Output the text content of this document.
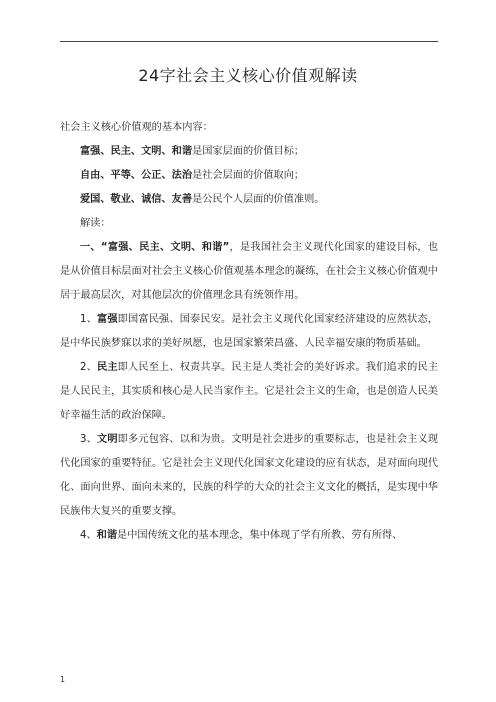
24字社会主义核心价值观解读

社会主义核心价值观的基本内容：

富强、民主、文明、和谐是国家层面的价值目标；

自由、平等、公正、法治是社会层面的价值取向；

爱国、敬业、诚信、友善是公民个人层面的价值准则。

解读：

一、“富强、民主、文明、和谐”，是我国社会主义现代化国家的建设目标，也是从价值目标层面对社会主义核心价值观基本理念的凝练，在社会主义核心价值观中居于最高层次，对其他层次的价值理念具有统领作用。

1、富强即国富民强、国泰民安。是社会主义现代化国家经济建设的应然状态，是中华民族梦寐以求的美好夙愿，也是国家繁荣昌盛、人民幸福安康的物质基础。

2、民主即人民至上、权责共享。民主是人类社会的美好诉求。我们追求的民主是人民民主，其实质和核心是人民当家作主。它是社会主义的生命，也是创造人民美好幸福生活的政治保障。

3、文明即多元包容、以和为贵。文明是社会进步的重要标志，也是社会主义现代化国家的重要特征。它是社会主义现代化国家文化建设的应有状态，是对面向现代化、面向世界、面向未来的，民族的科学的大众的社会主义文化的概括，是实现中华民族伟大复兴的重要支撑。

4、和谐是中国传统文化的基本理念，集中体现了学有所教、劳有所得、

1
